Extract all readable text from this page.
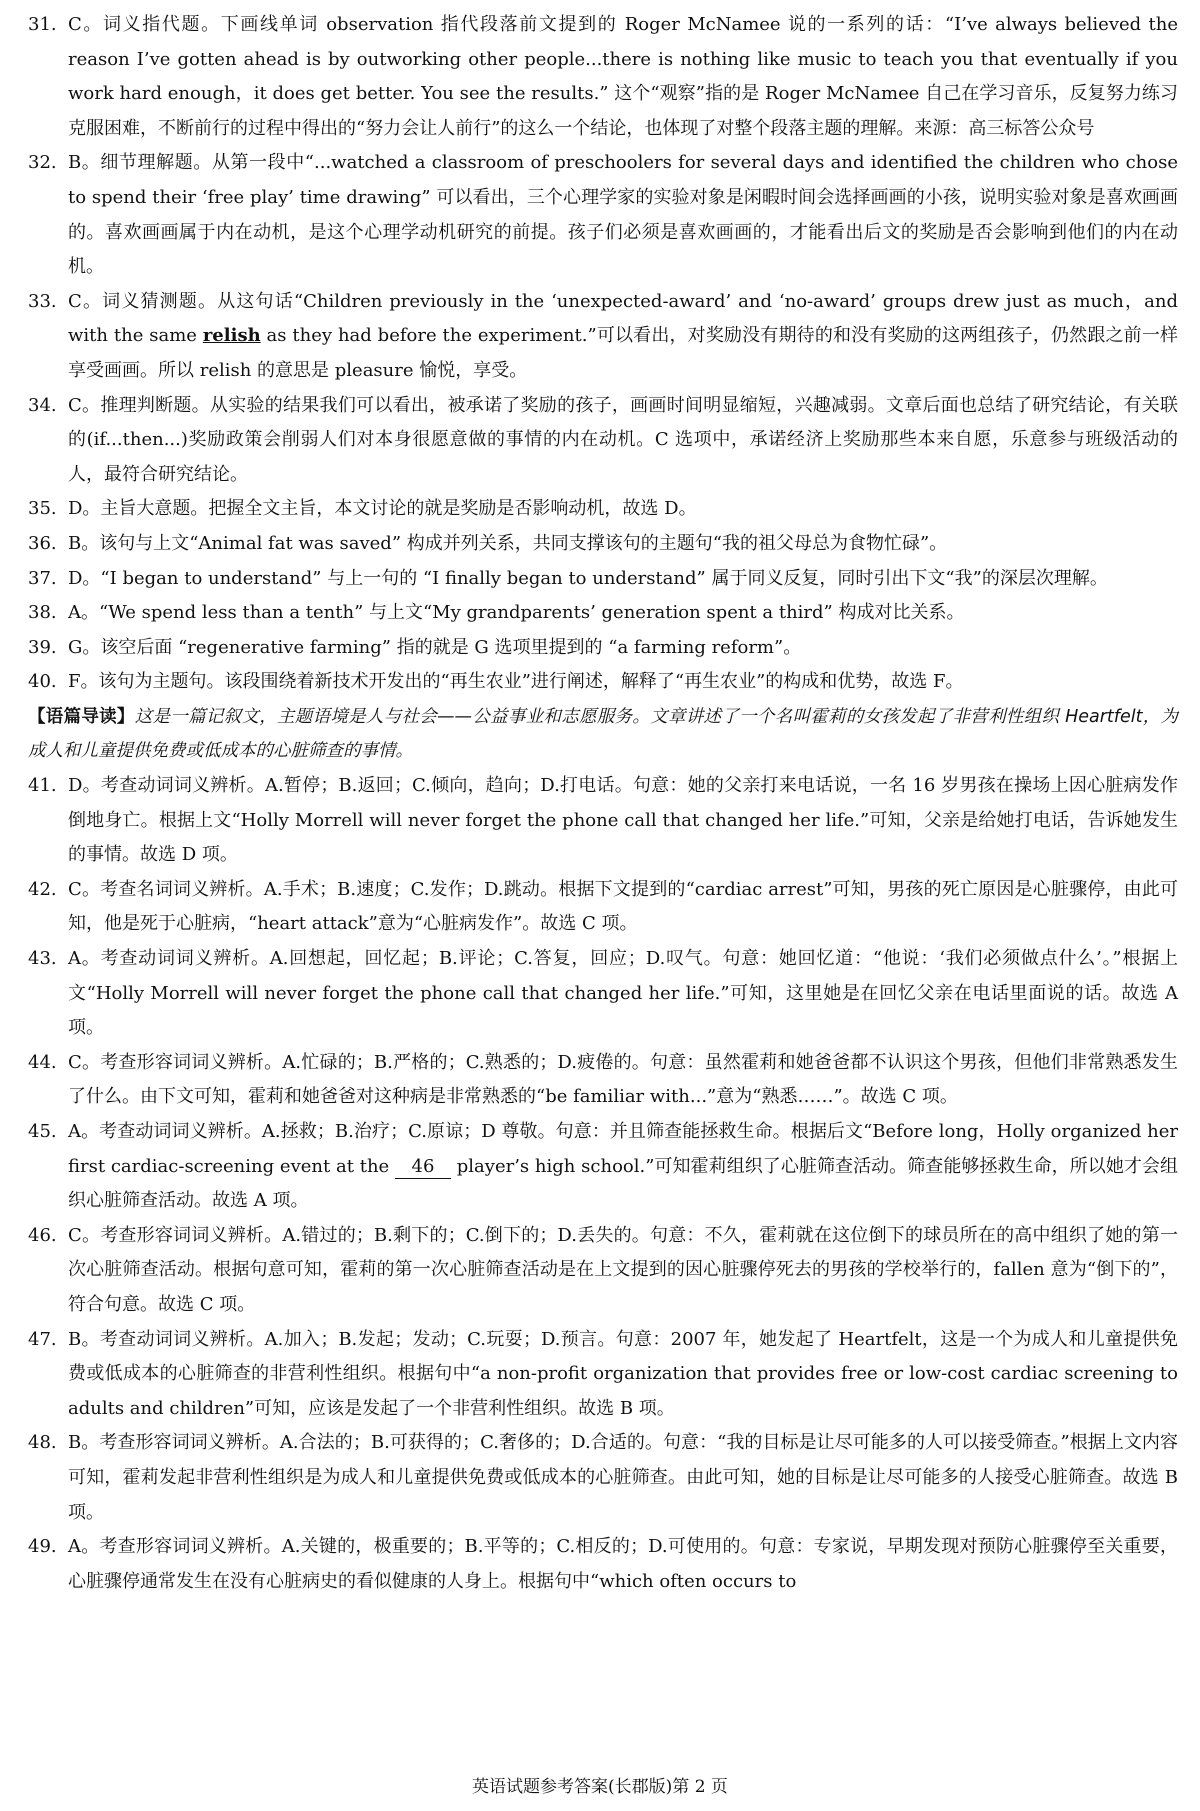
31. C。词义指代题。下画线单词 observation 指代段落前文提到的 Roger McNamee 说的一系列的话：“I’ve always believed the reason I’ve gotten ahead is by outworking other people...there is nothing like music to teach you that eventually if you work hard enough，it does get better. You see the results.” 这个“观察”指的是 Roger McNamee 自己在学习音乐，反复努力练习克服困难，不断前行的过程中得出的“努力会让人前行”的这么一个结论，也体现了对整个段落主题的理解。来源：高三标答公众号

32. B。细节理解题。从第一段中“...watched a classroom of preschoolers for several days and identified the children who chose to spend their ‘free play’ time drawing” 可以看出，三个心理学家的实验对象是闲暇时间会选择画画的小孩，说明实验对象是喜欢画画的。喜欢画画属于内在动机，是这个心理学动机研究的前提。孩子们必须是喜欢画画的，才能看出后文的奖励是否会影响到他们的内在动机。

33. C。词义猜测题。从这句话“Children previously in the ‘unexpected-award’ and ‘no-award’ groups drew just as much，and with the same relish as they had before the experiment.”可以看出，对奖励没有期待的和没有奖励的这两组孩子，仍然跟之前一样享受画画。所以 relish 的意思是 pleasure 愉悦，享受。

34. C。推理判断题。从实验的结果我们可以看出，被承诺了奖励的孩子，画画时间明显缩短，兴趣减弱。文章后面也总结了研究结论，有关联的(if...then...)奖励政策会削弱人们对本身很愿意做的事情的内在动机。C 选项中，承诺经济上奖励那些本来自愿，乐意参与班级活动的人，最符合研究结论。

35. D。主旨大意题。把握全文主旨，本文讨论的就是奖励是否影响动机，故选 D。

36. B。该句与上文“Animal fat was saved” 构成并列关系，共同支撑该句的主题句“我的祖父母总为食物忙碌”。

37. D。“I began to understand” 与上一句的 “I finally began to understand” 属于同义反复，同时引出下文“我”的深层次理解。

38. A。“We spend less than a tenth” 与上文“My grandparents’ generation spent a third” 构成对比关系。

39. G。该空后面 “regenerative farming” 指的就是 G 选项里提到的 “a farming reform”。

40. F。该句为主题句。该段围绕着新技术开发出的“再生农业”进行阐述，解释了“再生农业”的构成和优势，故选 F。

【语篇导读】这是一篇记叙文，主题语境是人与社会——公益事业和志愿服务。文章讲述了一个名叫霍莉的女孩发起了非营利性组织 Heartfelt，为成人和儿童提供免费或低成本的心脏筛查的事情。

41. D。考查动词词义辨析。A.暂停；B.返回；C.倾向，趋向；D.打电话。句意：她的父亲打来电话说，一名 16 岁男孩在操场上因心脏病发作倒地身亡。根据上文“Holly Morrell will never forget the phone call that changed her life.”可知，父亲是给她打电话，告诉她发生的事情。故选 D 项。

42. C。考查名词词义辨析。A.手术；B.速度；C.发作；D.跳动。根据下文提到的“cardiac arrest”可知，男孩的死亡原因是心脏骤停，由此可知，他是死于心脏病，“heart attack”意为“心脏病发作”。故选 C 项。

43. A。考查动词词义辨析。A.回想起，回忆起；B.评论；C.答复，回应；D.叹气。句意：她回忆道：“他说：‘我们必须做点什么’。”根据上文“Holly Morrell will never forget the phone call that changed her life.”可知，这里她是在回忆父亲在电话里面说的话。故选 A 项。

44. C。考查形容词词义辨析。A.忙碌的；B.严格的；C.熟悉的；D.疲倦的。句意：虽然霍莉和她爸爸都不认识这个男孩，但他们非常熟悉发生了什么。由下文可知，霍莉和她爸爸对这种病是非常熟悉的“be familiar with...”意为“熟悉……”。故选 C 项。

45. A。考查动词词义辨析。A.拯救；B.治疗；C.原谅；D 尊敬。句意：并且筛查能拯救生命。根据后文“Before long，Holly organized her first cardiac-screening event at the 46 player’s high school.”可知霍莉组织了心脏筛查活动。筛查能够拯救生命，所以她才会组织心脏筛查活动。故选 A 项。

46. C。考查形容词词义辨析。A.错过的；B.剩下的；C.倒下的；D.丢失的。句意：不久，霍莉就在这位倒下的球员所在的高中组织了她的第一次心脏筛查活动。根据句意可知，霍莉的第一次心脏筛查活动是在上文提到的因心脏骤停死去的男孩的学校举行的，fallen 意为“倒下的”，符合句意。故选 C 项。

47. B。考查动词词义辨析。A.加入；B.发起；发动；C.玩耍；D.预言。句意：2007 年，她发起了 Heartfelt，这是一个为成人和儿童提供免费或低成本的心脏筛查的非营利性组织。根据句中“a non-profit organization that provides free or low-cost cardiac screening to adults and children”可知，应该是发起了一个非营利性组织。故选 B 项。

48. B。考查形容词词义辨析。A.合法的；B.可获得的；C.奢侈的；D.合适的。句意：“我的目标是让尽可能多的人可以接受筛查。”根据上文内容可知，霍莉发起非营利性组织是为成人和儿童提供免费或低成本的心脏筛查。由此可知，她的目标是让尽可能多的人接受心脏筛查。故选 B 项。

49. A。考查形容词词义辨析。A.关键的，极重要的；B.平等的；C.相反的；D.可使用的。句意：专家说，早期发现对预防心脏骤停至关重要，心脏骤停通常发生在没有心脏病史的看似健康的人身上。根据句中“which often occurs to

英语试题参考答案(长郡版)第 2 页
